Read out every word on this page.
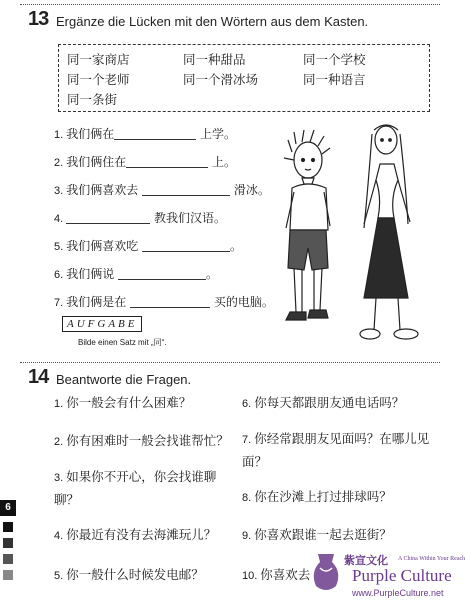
13 Ergänze die Lücken mit den Wörtern aus dem Kasten.
同一家商店	同一种甜品	同一个学校
同一个老师	同一个滑冰场	同一种语言
同一条街
1. 我们俩在	上学。
2. 我们俩住在	上。
3. 我们俩喜欢去	滑冰。
4.	教我们汉语。
5. 我们俩喜欢吃	。
6. 我们俩说	。
7. 我们俩是在	买的电脑。
AUFGABE
Bilde einen Satz mit „同“.
14 Beantworte die Fragen.
1. 你一般会有什么困难？
2. 你有困难时一般会找谁帮忙？
3. 如果你不开心，你会找谁聊聊？
4. 你最近有没有去海滩玩儿？
5. 你一般什么时候发电邮？
6. 你每天都跟朋友通电话吗？
7. 你经常跟朋友见面吗？在哪儿见面？
8. 你在沙滩上打过排球吗？
9. 你喜欢跟谁一起去逛街？
10. 你喜欢去
6
紫宣文化 A China Within Your Reach
Purple Culture
www.PurpleCulture.net
